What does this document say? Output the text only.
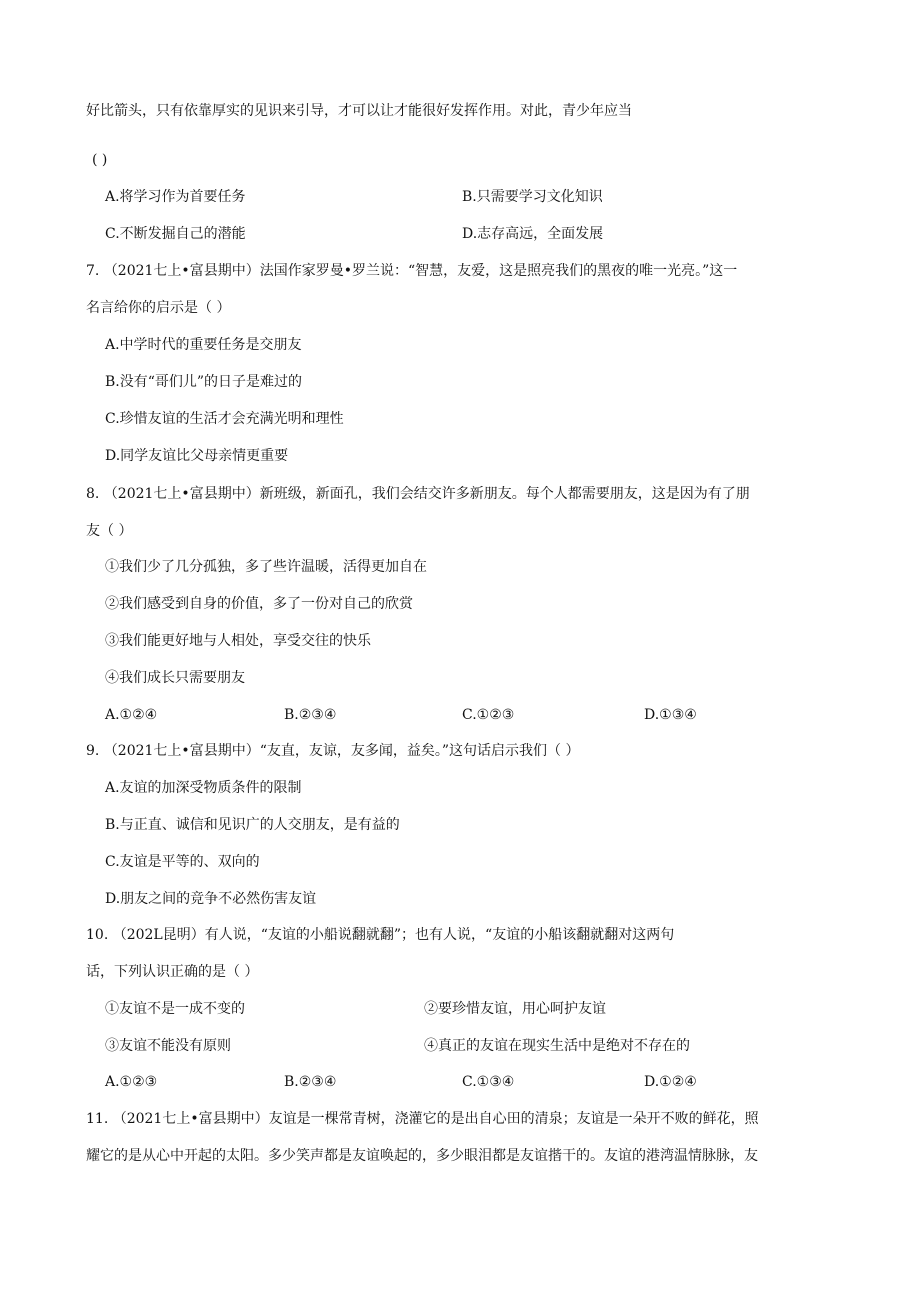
好比箭头，只有依靠厚实的见识来引导，才可以让才能很好发挥作用。对此，青少年应当
( )
A.将学习作为首要任务	B.只需要学习文化知识
C.不断发掘自己的潜能	D.志存高远，全面发展
7. （2021七上•富县期中）法国作家罗曼•罗兰说：“智慧，友爱，这是照亮我们的黑夜的唯一光亮。”这一
名言给你的启示是（ ）
A.中学时代的重要任务是交朋友
B.没有“哥们儿”的日子是难过的
C.珍惜友谊的生活才会充满光明和理性
D.同学友谊比父母亲情更重要
8. （2021七上•富县期中）新班级，新面孔，我们会结交许多新朋友。每个人都需要朋友，这是因为有了朋
友（ ）
①我们少了几分孤独，多了些许温暖，活得更加自在
②我们感受到自身的价值，多了一份对自己的欣赏
③我们能更好地与人相处，享受交往的快乐
④我们成长只需要朋友
A.①②④	B.②③④	C.①②③	D.①③④
9. （2021七上•富县期中）“友直，友谅，友多闻，益矣。”这句话启示我们（ ）
A.友谊的加深受物质条件的限制
B.与正直、诚信和见识广的人交朋友，是有益的
C.友谊是平等的、双向的
D.朋友之间的竞争不必然伤害友谊
10. （202L昆明）有人说，“友谊的小船说翻就翻”；也有人说，“友谊的小船该翻就翻对这两句
话，下列认识正确的是（ ）
①友谊不是一成不变的	②要珍惜友谊，用心呵护友谊
③友谊不能没有原则	④真正的友谊在现实生活中是绝对不存在的
A.①②③	B.②③④	C.①③④	D.①②④
11. （2021七上•富县期中）友谊是一棵常青树，浇灌它的是出自心田的清泉；友谊是一朵开不败的鲜花，照
耀它的是从心中开起的太阳。多少笑声都是友谊唤起的，多少眼泪都是友谊揩干的。友谊的港湾温情脉脉，友
